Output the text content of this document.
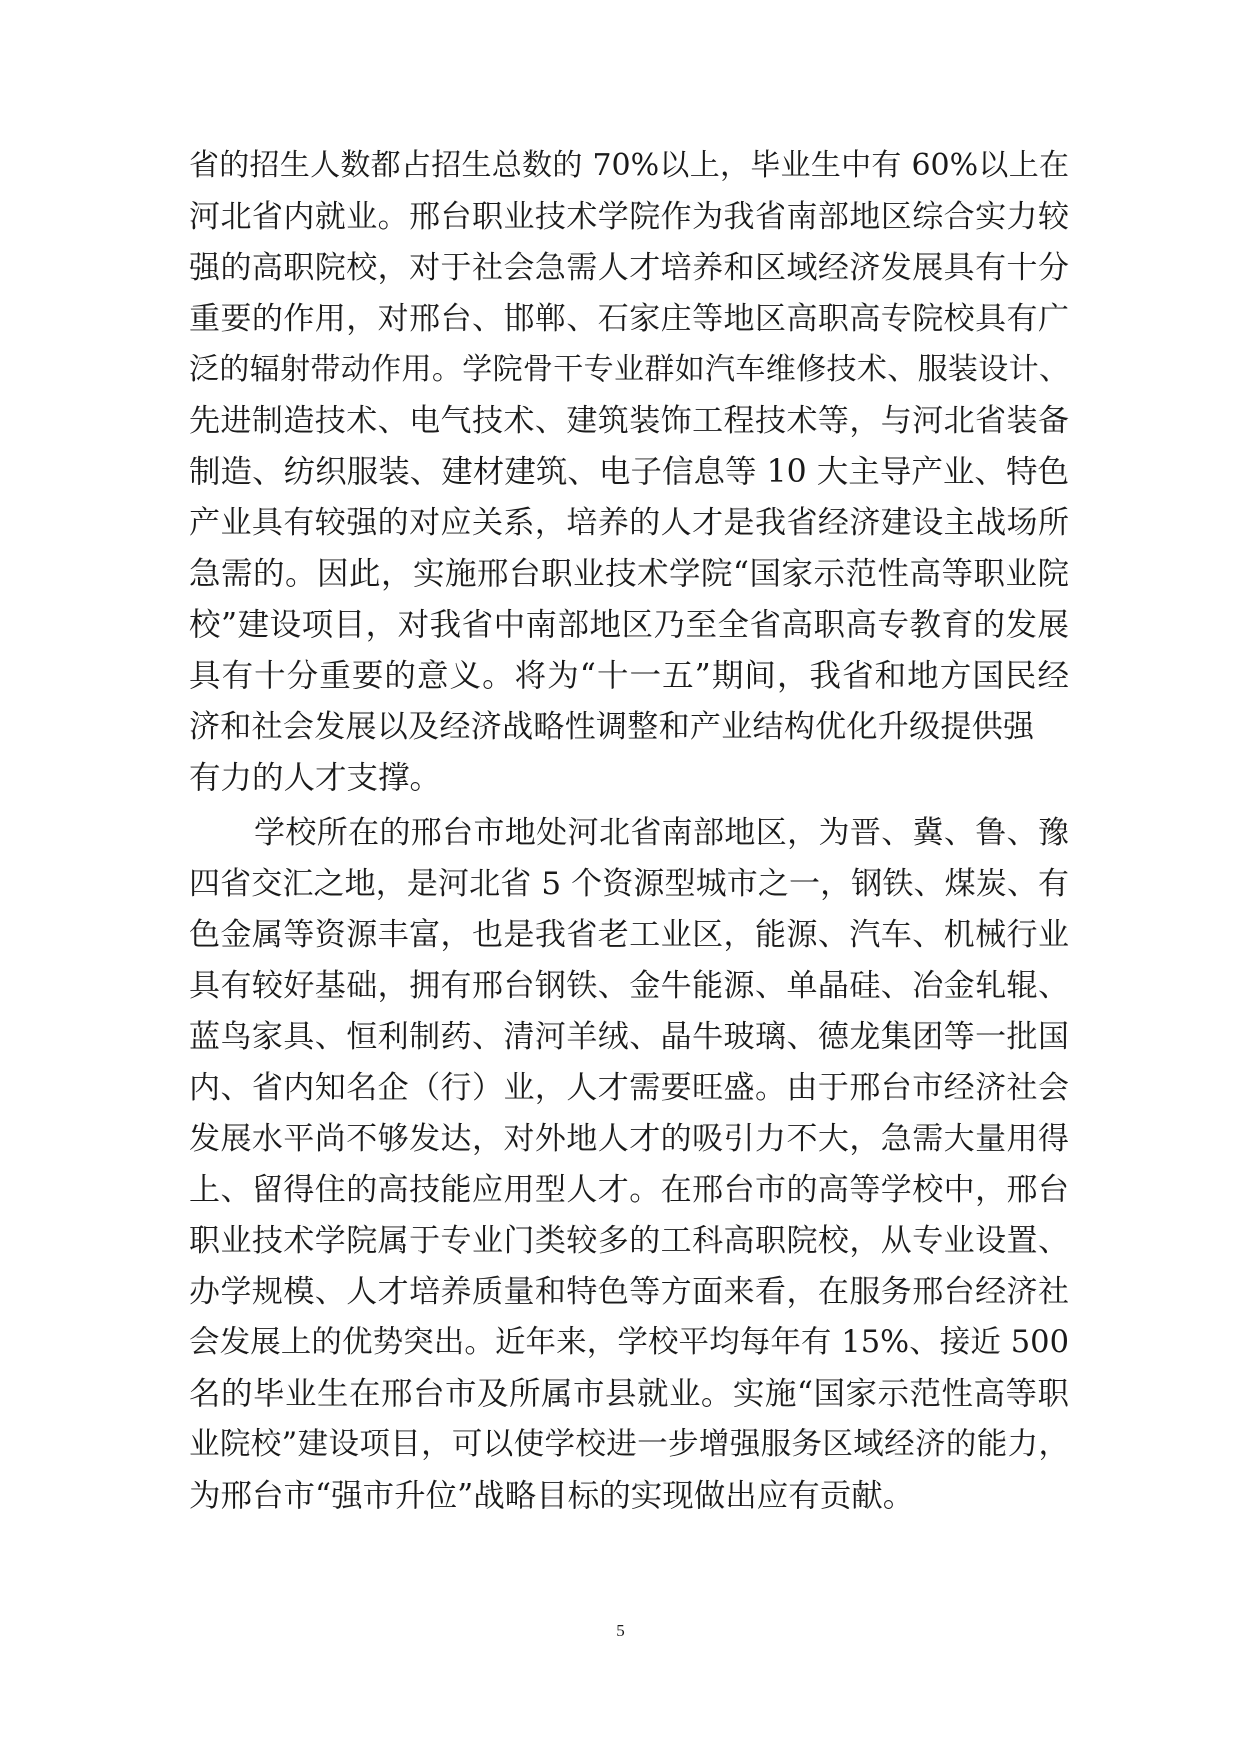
省的招生人数都占招生总数的 70%以上，毕业生中有 60%以上在
河北省内就业。邢台职业技术学院作为我省南部地区综合实力较
强的高职院校，对于社会急需人才培养和区域经济发展具有十分
重要的作用，对邢台、邯郸、石家庄等地区高职高专院校具有广
泛的辐射带动作用。学院骨干专业群如汽车维修技术、服装设计、
先进制造技术、电气技术、建筑装饰工程技术等，与河北省装备
制造、纺织服装、建材建筑、电子信息等 10 大主导产业、特色
产业具有较强的对应关系，培养的人才是我省经济建设主战场所
急需的。因此，实施邢台职业技术学院“国家示范性高等职业院
校”建设项目，对我省中南部地区乃至全省高职高专教育的发展
具有十分重要的意义。将为“十一五”期间，我省和地方国民经
济和社会发展以及经济战略性调整和产业结构优化升级提供强
有力的人才支撑。
学校所在的邢台市地处河北省南部地区，为晋、冀、鲁、豫
四省交汇之地，是河北省 5 个资源型城市之一，钢铁、煤炭、有
色金属等资源丰富，也是我省老工业区，能源、汽车、机械行业
具有较好基础，拥有邢台钢铁、金牛能源、单晶硅、冶金轧辊、
蓝鸟家具、恒利制药、清河羊绒、晶牛玻璃、德龙集团等一批国
内、省内知名企（行）业，人才需要旺盛。由于邢台市经济社会
发展水平尚不够发达，对外地人才的吸引力不大，急需大量用得
上、留得住的高技能应用型人才。在邢台市的高等学校中，邢台
职业技术学院属于专业门类较多的工科高职院校，从专业设置、
办学规模、人才培养质量和特色等方面来看，在服务邢台经济社
会发展上的优势突出。近年来，学校平均每年有 15%、接近 500
名的毕业生在邢台市及所属市县就业。实施“国家示范性高等职
业院校”建设项目，可以使学校进一步增强服务区域经济的能力，
为邢台市“强市升位”战略目标的实现做出应有贡献。
5
